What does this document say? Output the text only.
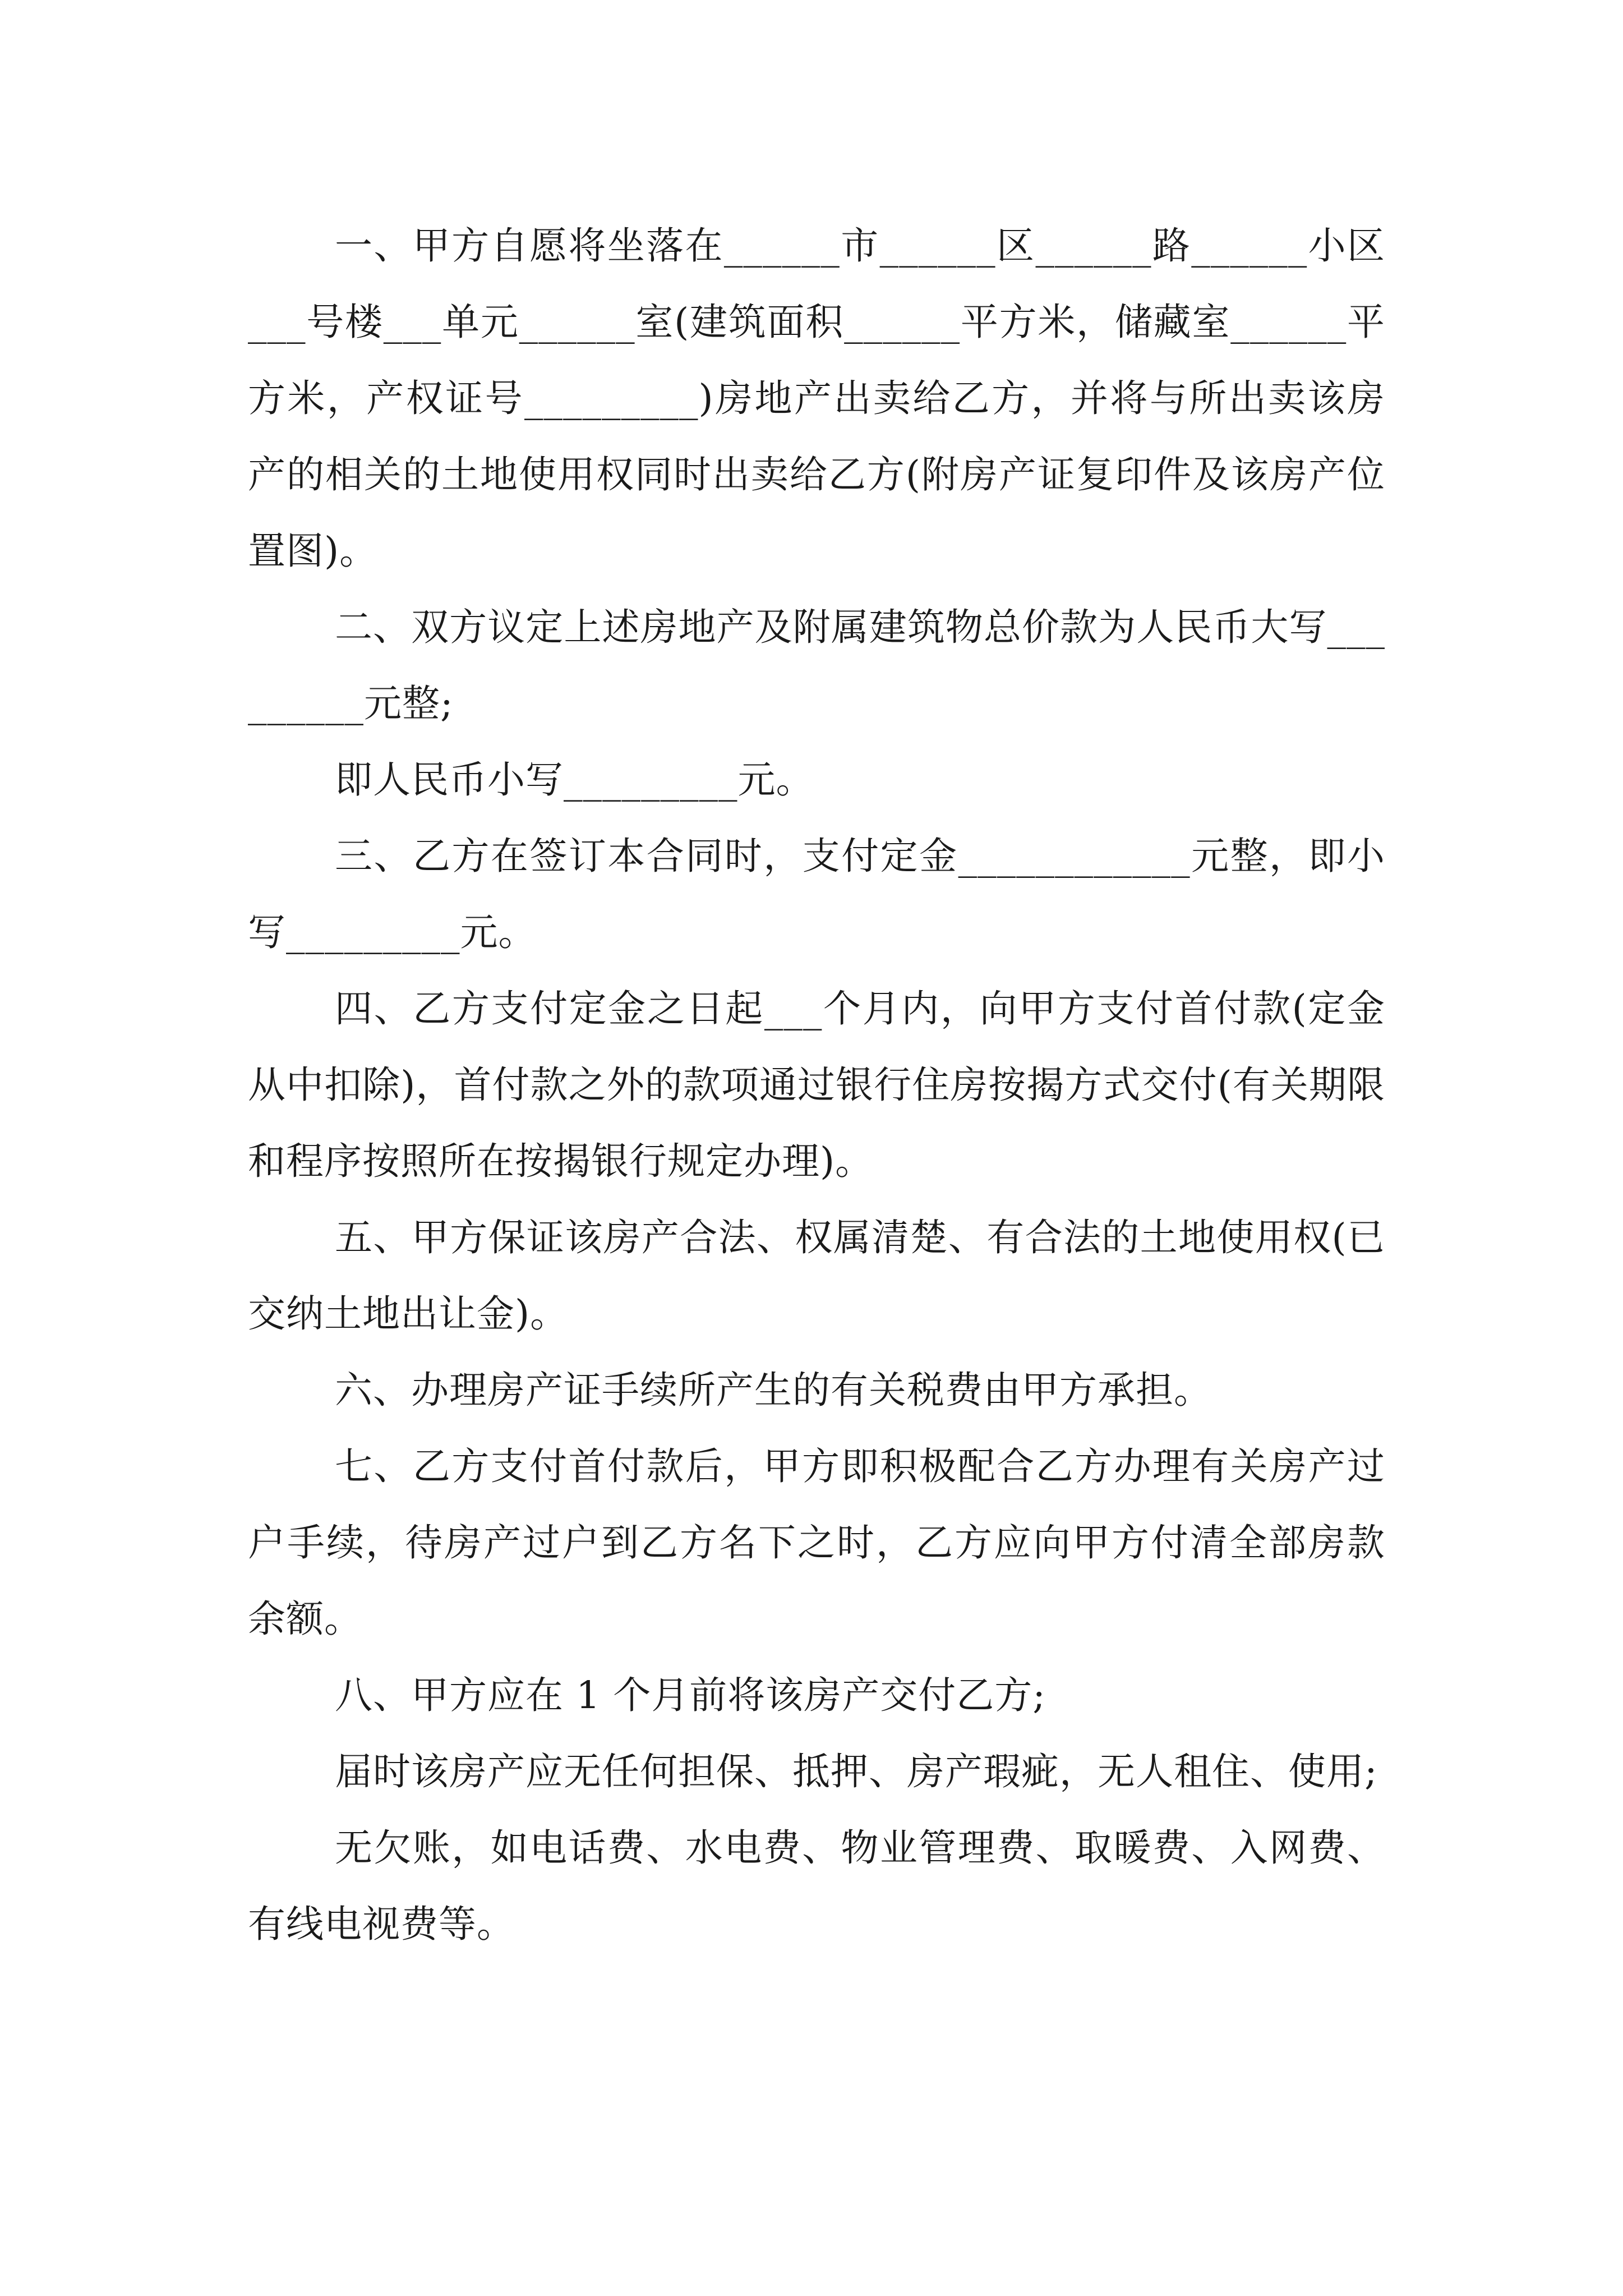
一、甲方自愿将坐落在______市______区______路______小区___号楼___单元______室(建筑面积______平方米，储藏室______平方米，产权证号_________)房地产出卖给乙方，并将与所出卖该房产的相关的土地使用权同时出卖给乙方(附房产证复印件及该房产位置图)。

二、双方议定上述房地产及附属建筑物总价款为人民币大写_________元整;

即人民币小写_________元。

三、乙方在签订本合同时，支付定金____________元整，即小写_________元。

四、乙方支付定金之日起___个月内，向甲方支付首付款(定金从中扣除)，首付款之外的款项通过银行住房按揭方式交付(有关期限和程序按照所在按揭银行规定办理)。

五、甲方保证该房产合法、权属清楚、有合法的土地使用权(已交纳土地出让金)。

六、办理房产证手续所产生的有关税费由甲方承担。

七、乙方支付首付款后，甲方即积极配合乙方办理有关房产过户手续，待房产过户到乙方名下之时，乙方应向甲方付清全部房款余额。

八、甲方应在 1 个月前将该房产交付乙方;

届时该房产应无任何担保、抵押、房产瑕疵，无人租住、使用;

无欠账，如电话费、水电费、物业管理费、取暖费、入网费、有线电视费等。
